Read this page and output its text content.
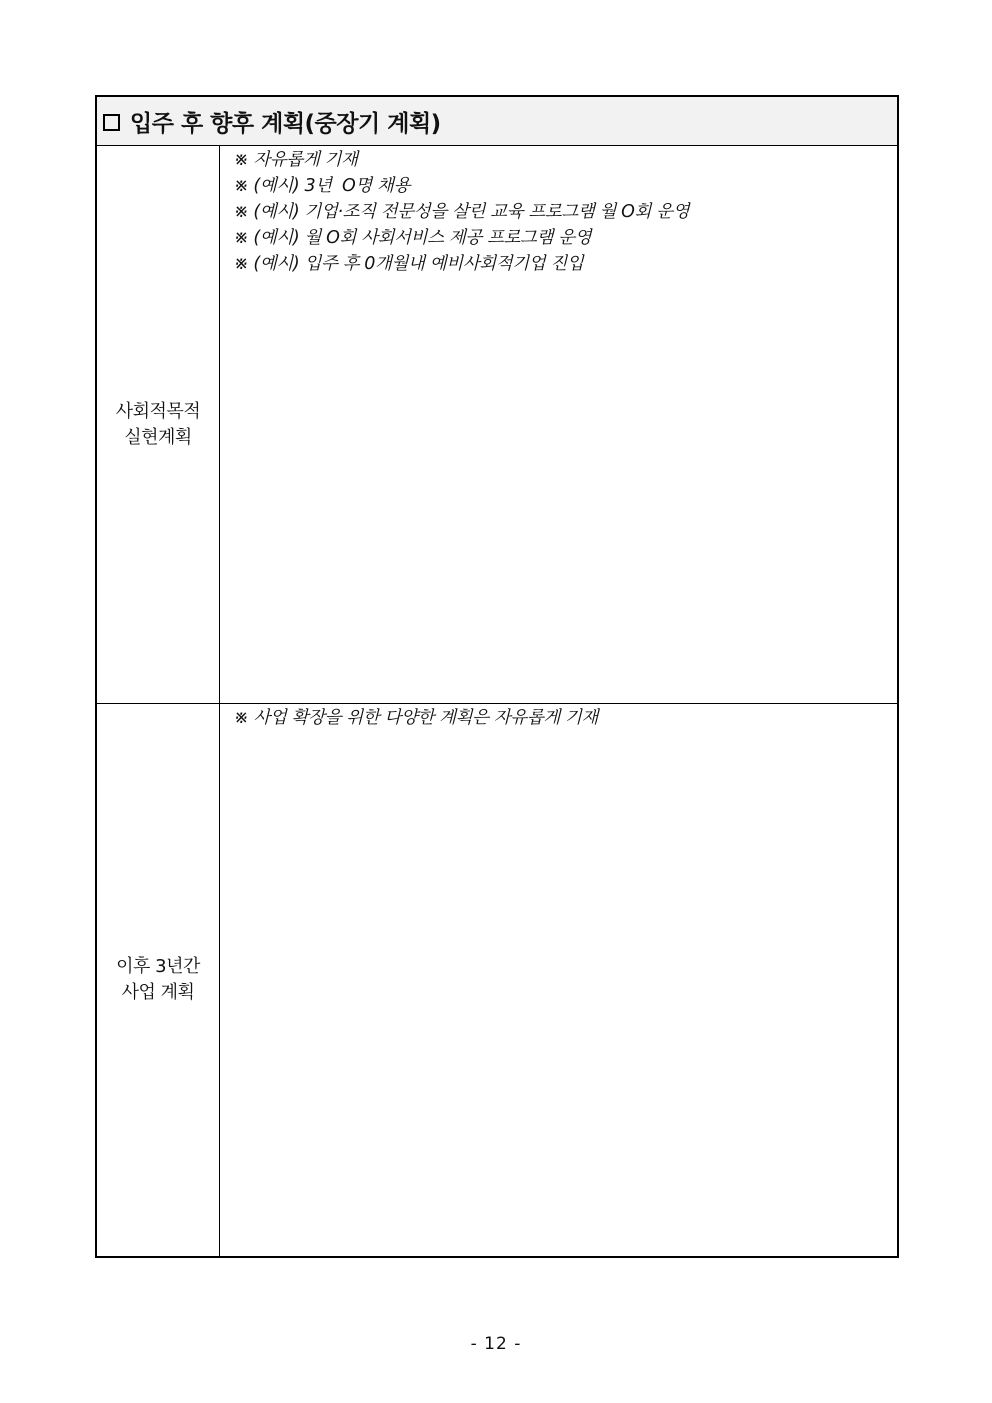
입주 후 향후 계획(중장기 계획)
사회적목적
실현계획
※ 자유롭게 기재
※ (예시) 3년  O명 채용
※ (예시) 기업·조직 전문성을 살린 교육 프로그램 월 O회 운영
※ (예시) 월 O회 사회서비스 제공 프로그램 운영
※ (예시) 입주 후 0개월내 예비사회적기업 진입
이후 3년간
사업 계획
※ 사업 확장을 위한 다양한 계획은 자유롭게 기재
- 12 -
